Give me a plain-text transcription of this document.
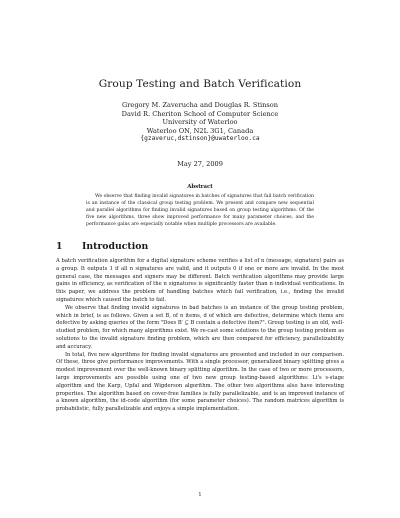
Group Testing and Batch Verification
Gregory M. Zaverucha and Douglas R. Stinson
David R. Cheriton School of Computer Science
University of Waterloo
Waterloo ON, N2L 3G1, Canada
{gzaveruc,dstinson}@uwaterloo.ca
May 27, 2009
Abstract
We observe that finding invalid signatures in batches of signatures that fail batch verification is an instance of the classical group testing problem. We present and compare new sequential and parallel algorithms for finding invalid signatures based on group testing algorithms. Of the five new algorithms, three show improved performance for many parameter choices, and the performance gains are especially notable when multiple processors are available.
1 Introduction

A batch verification algorithm for a digital signature scheme verifies a list of n (message, signature) pairs as a group. It outputs 1 if all n signatures are valid, and it outputs 0 if one or more are invalid. In the most general case, the messages and signers may be different. Batch verification algorithms may provide large gains in efficiency, as verification of the n signatures is significantly faster than n individual verifications. In this paper, we address the problem of handling batches which fail verification, i.e., finding the invalid signatures which caused the batch to fail.

We observe that finding invalid signatures in bad batches is an instance of the group testing problem, which in brief, is as follows. Given a set B, of n items, d of which are defective, determine which items are defective by asking queries of the form "Does B′ ⊆ B contain a defective item?". Group testing is an old, well-studied problem, for which many algorithms exist. We re-cast some solutions to the group testing problem as solutions to the invalid signature finding problem, which are then compared for efficiency, parallelizability and accuracy.

In total, five new algorithms for finding invalid signatures are presented and included in our comparison. Of these, three give performance improvements. With a single processor, generalized binary splitting gives a modest improvement over the well-known binary splitting algorithm. In the case of two or more processors, large improvements are possible using one of two new group testing-based algorithms: Li's s-stage algorithm and the Karp, Upfal and Wigderson algorithm. The other two algorithms also have interesting properties. The algorithm based on cover-free families is fully parallelizable, and is an improved instance of a known algorithm, the id-code algorithm (for some parameter choices). The random matrices algorithm is probabilistic, fully parallelizable and enjoys a simple implementation.

1
